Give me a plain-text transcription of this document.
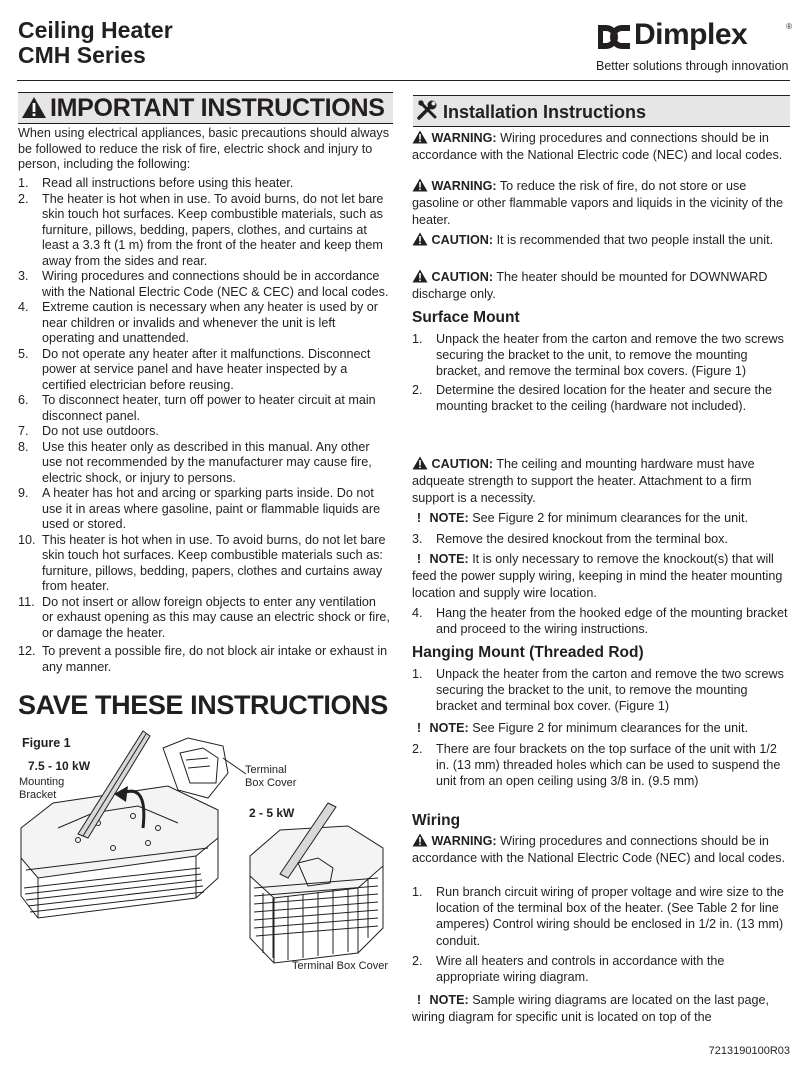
Ceiling Heater
CMH Series
Dimplex	®
Better solutions through innovation
IMPORTANT INSTRUCTIONS
When using electrical appliances, basic precautions should always be followed to reduce the risk of fire, electric shock and injury to person, including the following:
1. Read all instructions before using this heater.
2. The heater is hot when in use. To avoid burns, do not let bare skin touch hot surfaces. Keep combustible materials, such as furniture, pillows, bedding, papers, clothes, and curtains at least a 3.3 ft (1 m) from the front of the heater and keep them away from the sides and rear.
3. Wiring procedures and connections should be in accordance with the National Electric Code (NEC & CEC) and local codes.
4. Extreme caution is necessary when any heater is used by or near children or invalids and whenever the unit is left operating and unattended.
5. Do not operate any heater after it malfunctions. Disconnect power at service panel and have heater inspected by a certified electrician before reusing.
6. To disconnect heater, turn off power to heater circuit at main disconnect panel.
7. Do not use outdoors.
8. Use this heater only as described in this manual. Any other use not recommended by the manufacturer may cause fire, electric shock, or injury to persons.
9. A heater has hot and arcing or sparking parts inside. Do not use it in areas where gasoline, paint or flammable liquids are used or stored.
10. This heater is hot when in use. To avoid burns, do not let bare skin touch hot surfaces. Keep combustible materials such as: furniture, pillows, bedding, papers, clothes and curtains away from heater.
11. Do not insert or allow foreign objects to enter any ventilation or exhaust opening as this may cause an electric shock or fire, or damage the heater.
12. To prevent a possible fire, do not block air intake or exhaust in any manner.
SAVE THESE INSTRUCTIONS
Figure 1
7.5 - 10 kW
Mounting Bracket
Terminal Box Cover
2 - 5 kW
Terminal Box Cover
Installation Instructions
WARNING: Wiring procedures and connections should be in accordance with the National Electric code (NEC) and local codes.
WARNING: To reduce the risk of fire, do not store or use gasoline or other flammable vapors and liquids in the vicinity of the heater.
CAUTION: It is recommended that two people install the unit.
CAUTION: The heater should be mounted for DOWNWARD discharge only.
Surface Mount
1. Unpack the heater from the carton and remove the two screws securing the bracket to the unit, to remove the mounting bracket, and remove the terminal box covers. (Figure 1)
2. Determine the desired location for the heater and secure the mounting bracket to the ceiling (hardware not included).
CAUTION: The ceiling and mounting hardware must have adqueate strength to support the heater. Attachment to a firm support is a necessity.
! NOTE: See Figure 2 for minimum clearances for the unit.
3. Remove the desired knockout from the terminal box.
! NOTE: It is only necessary to remove the knockout(s) that will feed the power supply wiring, keeping in mind the heater mounting location and supply wire location.
4. Hang the heater from the hooked edge of the mounting bracket and proceed to the wiring instructions.
Hanging Mount (Threaded Rod)
1. Unpack the heater from the carton and remove the two screws securing the bracket to the unit, to remove the mounting bracket and terminal box cover. (Figure 1)
! NOTE: See Figure 2 for minimum clearances for the unit.
2. There are four brackets on the top surface of the unit with 1/2 in. (13 mm) threaded holes which can be used to suspend the unit from an open ceiling using 3/8 in. (9.5 mm)
Wiring
WARNING: Wiring procedures and connections should be in accordance with the National Electric Code (NEC) and local codes.
1. Run branch circuit wiring of proper voltage and wire size to the location of the terminal box of the heater. (See Table 2 for line amperes) Control wiring should be enclosed in 1/2 in. (13 mm) conduit.
2. Wire all heaters and controls in accordance with the appropriate wiring diagram.
! NOTE: Sample wiring diagrams are located on the last page, wiring diagram for specific unit is located on top of the
7213190100R03
